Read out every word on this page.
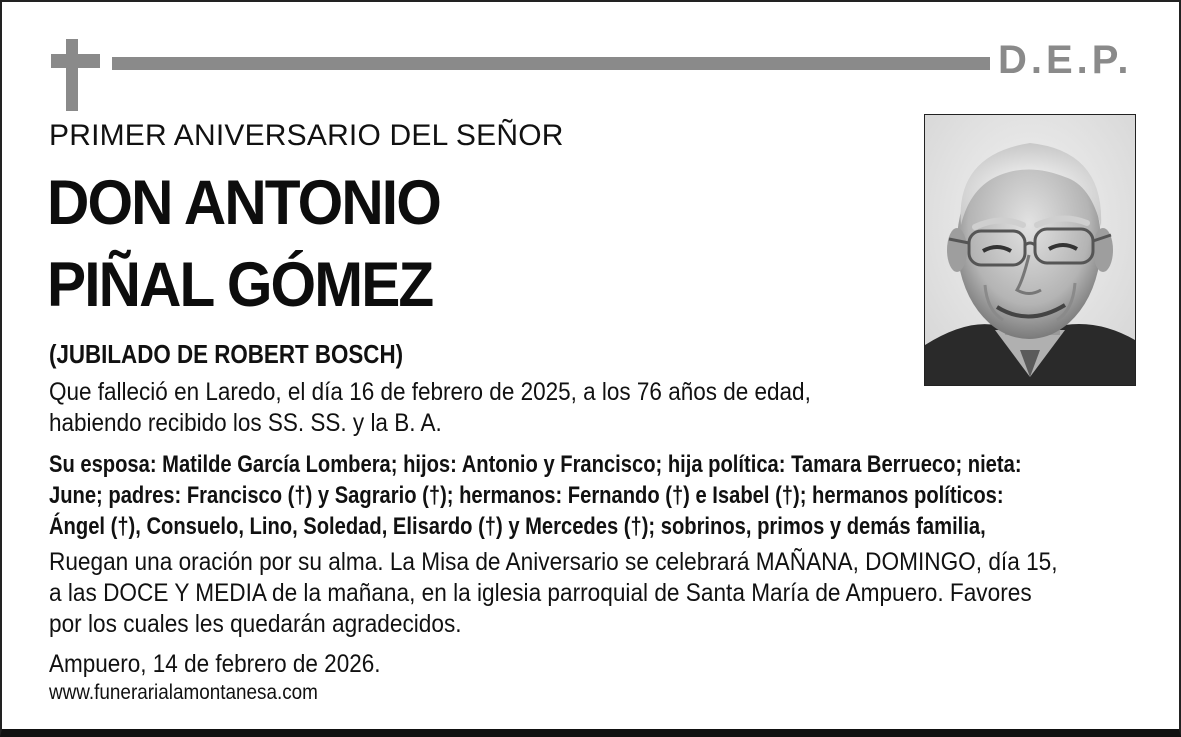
D.E.P.
PRIMER ANIVERSARIO DEL SEÑOR
DON ANTONIO
PIÑAL GÓMEZ
(JUBILADO DE ROBERT BOSCH)
Que falleció en Laredo, el día 16 de febrero de 2025, a los 76 años de edad,
habiendo recibido los SS. SS. y la B. A.
Su esposa: Matilde García Lombera; hijos: Antonio y Francisco; hija política: Tamara Berrueco; nieta:
June; padres: Francisco (†) y Sagrario (†); hermanos: Fernando (†) e Isabel (†); hermanos políticos:
Ángel (†), Consuelo, Lino, Soledad, Elisardo (†) y Mercedes (†); sobrinos, primos y demás familia,
Ruegan una oración por su alma. La Misa de Aniversario se celebrará MAÑANA, DOMINGO, día 15,
a las DOCE Y MEDIA de la mañana, en la iglesia parroquial de Santa María de Ampuero. Favores
por los cuales les quedarán agradecidos.
Ampuero, 14 de febrero de 2026.
www.funerarialamontanesa.com
